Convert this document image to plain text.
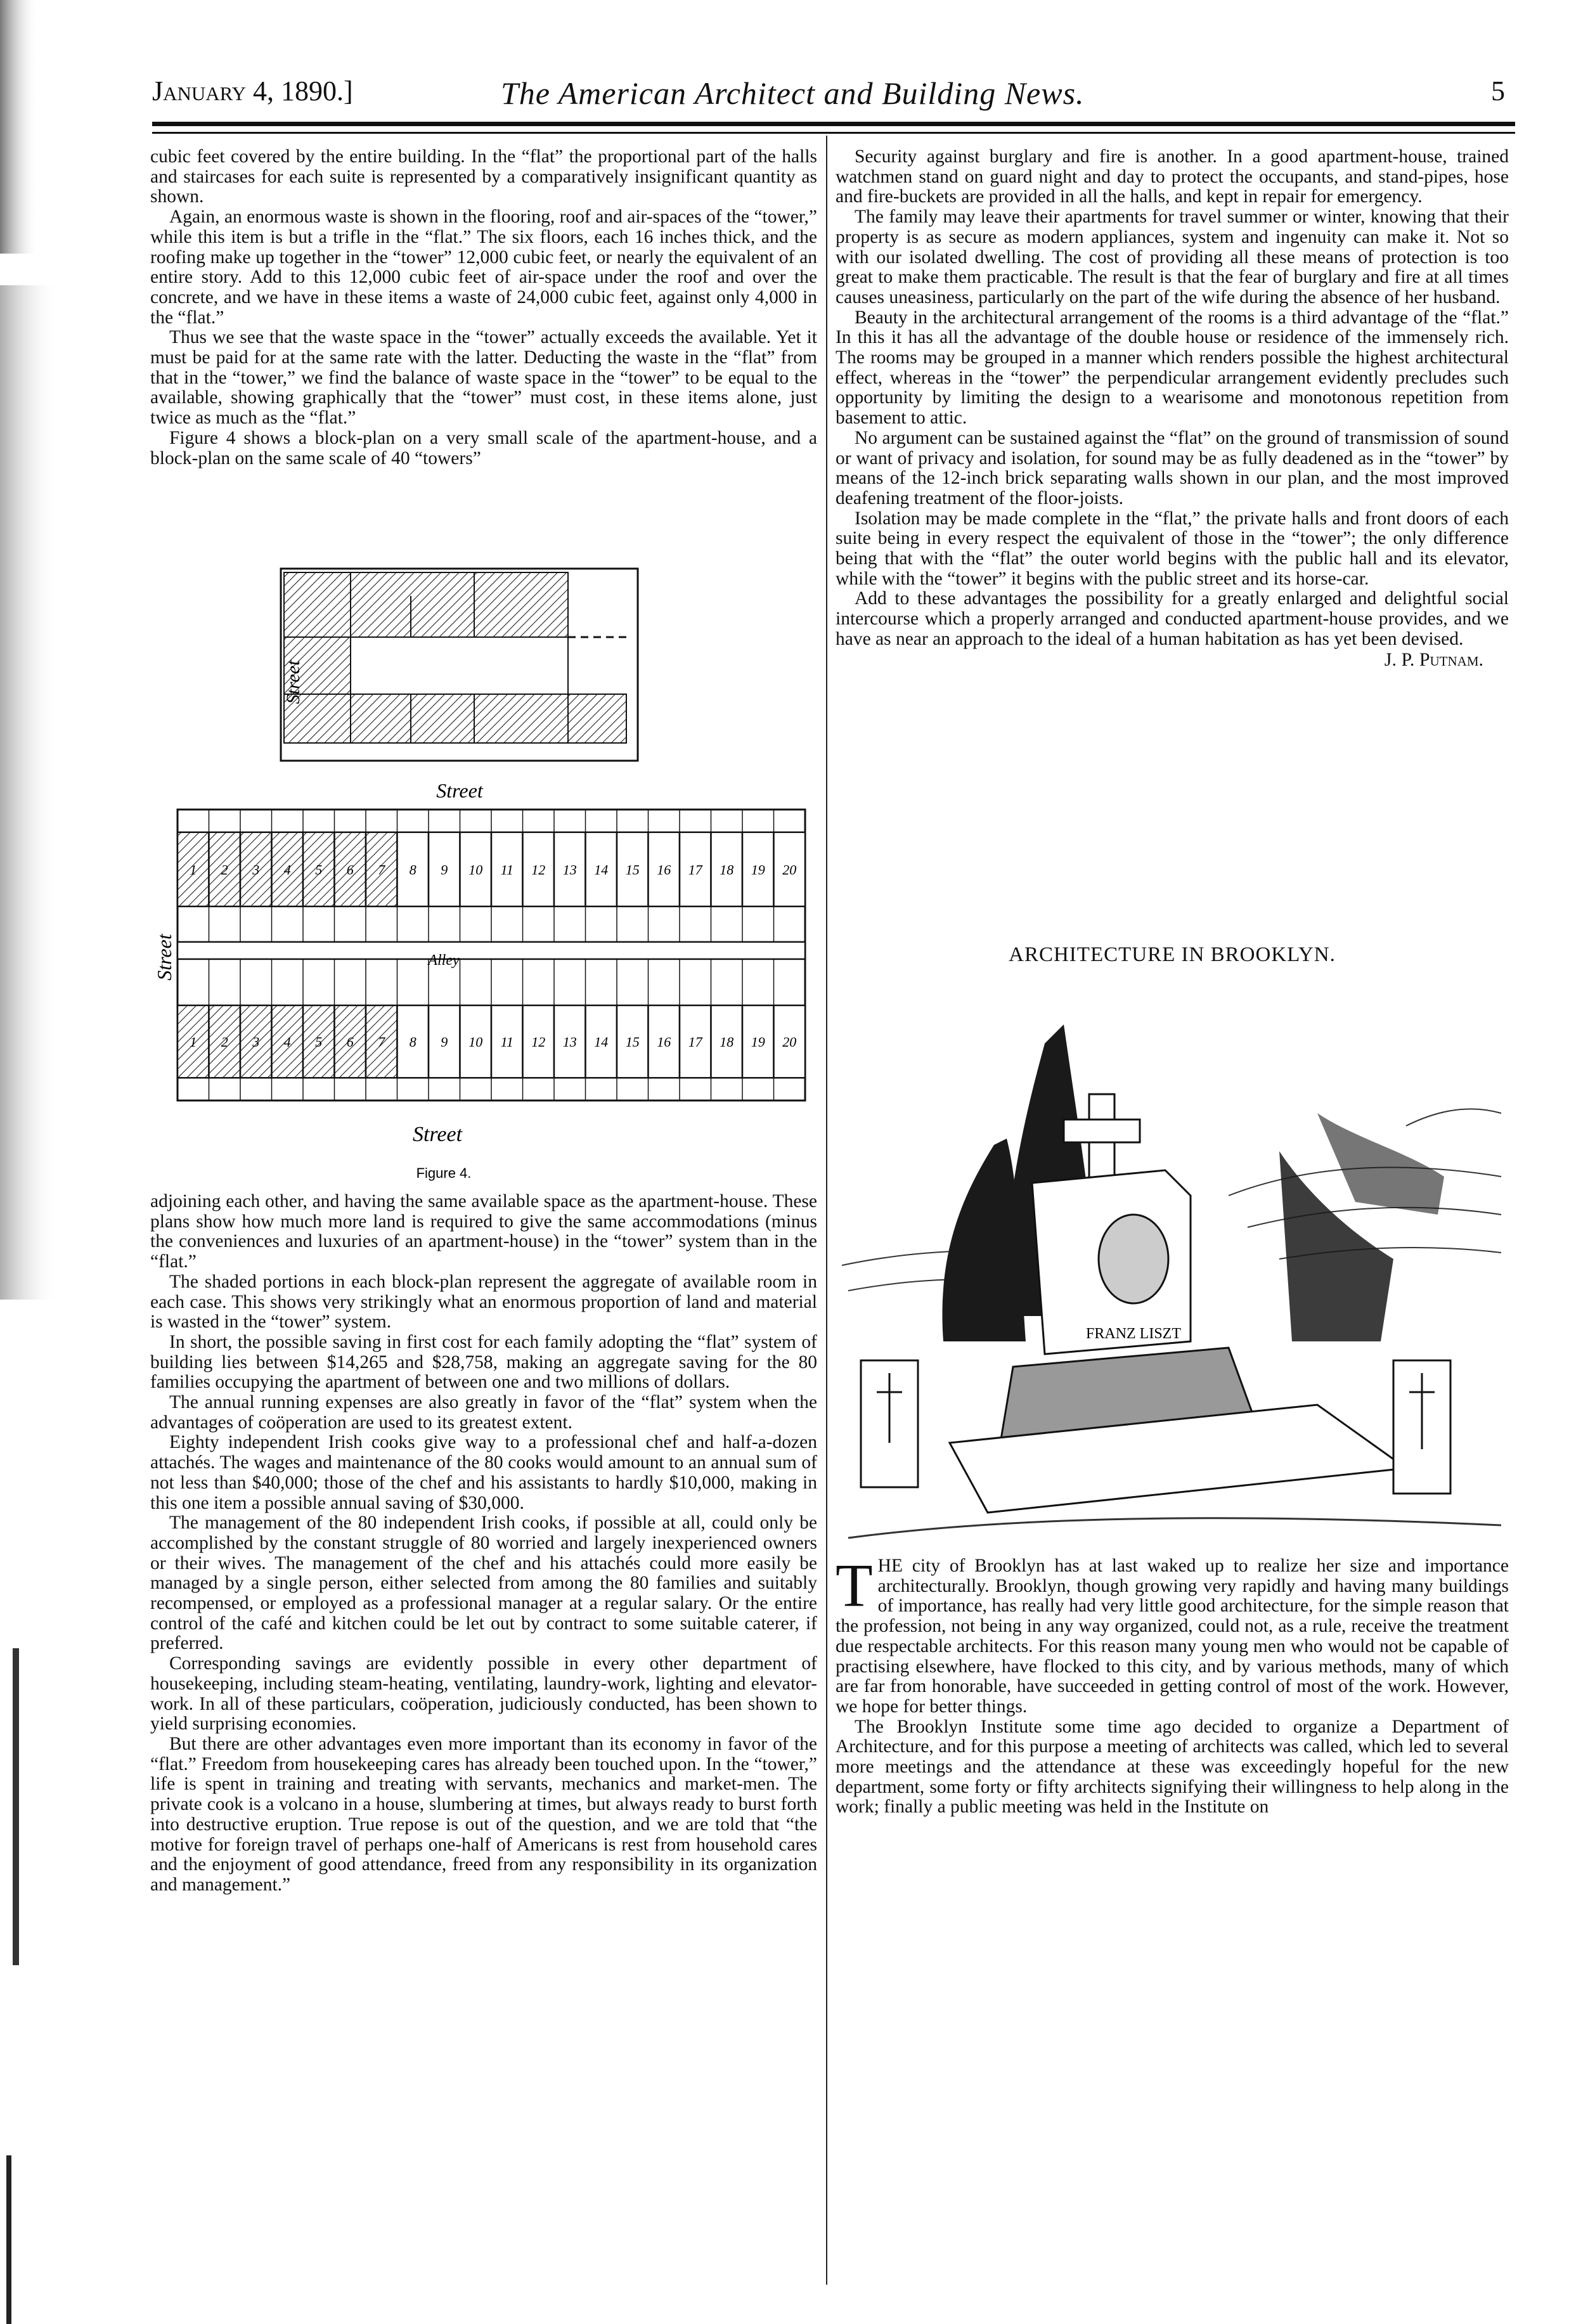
January 4, 1890.]	The American Architect and Building News.	5

cubic feet covered by the entire building. In the “flat” the proportional part of the halls and staircases for each suite is represented by a comparatively insignificant quantity as shown.

Again, an enormous waste is shown in the flooring, roof and air-spaces of the “tower,” while this item is but a trifle in the “flat.” The six floors, each 16 inches thick, and the roofing make up together in the “tower” 12,000 cubic feet, or nearly the equivalent of an entire story. Add to this 12,000 cubic feet of air-space under the roof and over the concrete, and we have in these items a waste of 24,000 cubic feet, against only 4,000 in the “flat.”

Thus we see that the waste space in the “tower” actually exceeds the available. Yet it must be paid for at the same rate with the latter. Deducting the waste in the “flat” from that in the “tower,” we find the balance of waste space in the “tower” to be equal to the available, showing graphically that the “tower” must cost, in these items alone, just twice as much as the “flat.”

Figure 4 shows a block-plan on a very small scale of the apartment-house, and a block-plan on the same scale of 40 “towers”

Street
Street
1 2 3 4 5 6 7 8 9 10 11 12 13 14 15 16 17 18 19 20
1 2 3 4 5 6 7 8 9 10 11 12 13 14 15 16 17 18 19 20
Street	Alley
Street
Figure 4.

adjoining each other, and having the same available space as the apartment-house. These plans show how much more land is required to give the same accommodations (minus the conveniences and luxuries of an apartment-house) in the “tower” system than in the “flat.”

The shaded portions in each block-plan represent the aggregate of available room in each case. This shows very strikingly what an enormous proportion of land and material is wasted in the “tower” system.

In short, the possible saving in first cost for each family adopting the “flat” system of building lies between $14,265 and $28,758, making an aggregate saving for the 80 families occupying the apartment of between one and two millions of dollars.

The annual running expenses are also greatly in favor of the “flat” system when the advantages of coöperation are used to its greatest extent.

Eighty independent Irish cooks give way to a professional chef and half-a-dozen attachés. The wages and maintenance of the 80 cooks would amount to an annual sum of not less than $40,000; those of the chef and his assistants to hardly $10,000, making in this one item a possible annual saving of $30,000.

The management of the 80 independent Irish cooks, if possible at all, could only be accomplished by the constant struggle of 80 worried and largely inexperienced owners or their wives. The management of the chef and his attachés could more easily be managed by a single person, either selected from among the 80 families and suitably recompensed, or employed as a professional manager at a regular salary. Or the entire control of the café and kitchen could be let out by contract to some suitable caterer, if preferred.

Corresponding savings are evidently possible in every other department of housekeeping, including steam-heating, ventilating, laundry-work, lighting and elevator-work. In all of these particulars, coöperation, judiciously conducted, has been shown to yield surprising economies.

But there are other advantages even more important than its economy in favor of the “flat.” Freedom from housekeeping cares has already been touched upon. In the “tower,” life is spent in training and treating with servants, mechanics and market-men. The private cook is a volcano in a house, slumbering at times, but always ready to burst forth into destructive eruption. True repose is out of the question, and we are told that “the motive for foreign travel of perhaps one-half of Americans is rest from household cares and the enjoyment of good attendance, freed from any responsibility in its organization and management.”

Security against burglary and fire is another. In a good apartment-house, trained watchmen stand on guard night and day to protect the occupants, and stand-pipes, hose and fire-buckets are provided in all the halls, and kept in repair for emergency.

The family may leave their apartments for travel summer or winter, knowing that their property is as secure as modern appliances, system and ingenuity can make it. Not so with our isolated dwelling. The cost of providing all these means of protection is too great to make them practicable. The result is that the fear of burglary and fire at all times causes uneasiness, particularly on the part of the wife during the absence of her husband.

Beauty in the architectural arrangement of the rooms is a third advantage of the “flat.” In this it has all the advantage of the double house or residence of the immensely rich. The rooms may be grouped in a manner which renders possible the highest architectural effect, whereas in the “tower” the perpendicular arrangement evidently precludes such opportunity by limiting the design to a wearisome and monotonous repetition from basement to attic.

No argument can be sustained against the “flat” on the ground of transmission of sound or want of privacy and isolation, for sound may be as fully deadened as in the “tower” by means of the 12-inch brick separating walls shown in our plan, and the most improved deafening treatment of the floor-joists.

Isolation may be made complete in the “flat,” the private halls and front doors of each suite being in every respect the equivalent of those in the “tower”; the only difference being that with the “flat” the outer world begins with the public hall and its elevator, while with the “tower” it begins with the public street and its horse-car.

Add to these advantages the possibility for a greatly enlarged and delightful social intercourse which a properly arranged and conducted apartment-house provides, and we have as near an approach to the ideal of a human habitation as has yet been devised.

J. P. Putnam.
ARCHITECTURE IN BROOKLYN.
FRANZ LISZT

THE city of Brooklyn has at last waked up to realize her size and importance architecturally. Brooklyn, though growing very rapidly and having many buildings of importance, has really had very little good architecture, for the simple reason that the profession, not being in any way organized, could not, as a rule, receive the treatment due respectable architects. For this reason many young men who would not be capable of practising elsewhere, have flocked to this city, and by various methods, many of which are far from honorable, have succeeded in getting control of most of the work. However, we hope for better things.

The Brooklyn Institute some time ago decided to organize a Department of Architecture, and for this purpose a meeting of architects was called, which led to several more meetings and the attendance at these was exceedingly hopeful for the new department, some forty or fifty architects signifying their willingness to help along in the work; finally a public meeting was held in the Institute on
